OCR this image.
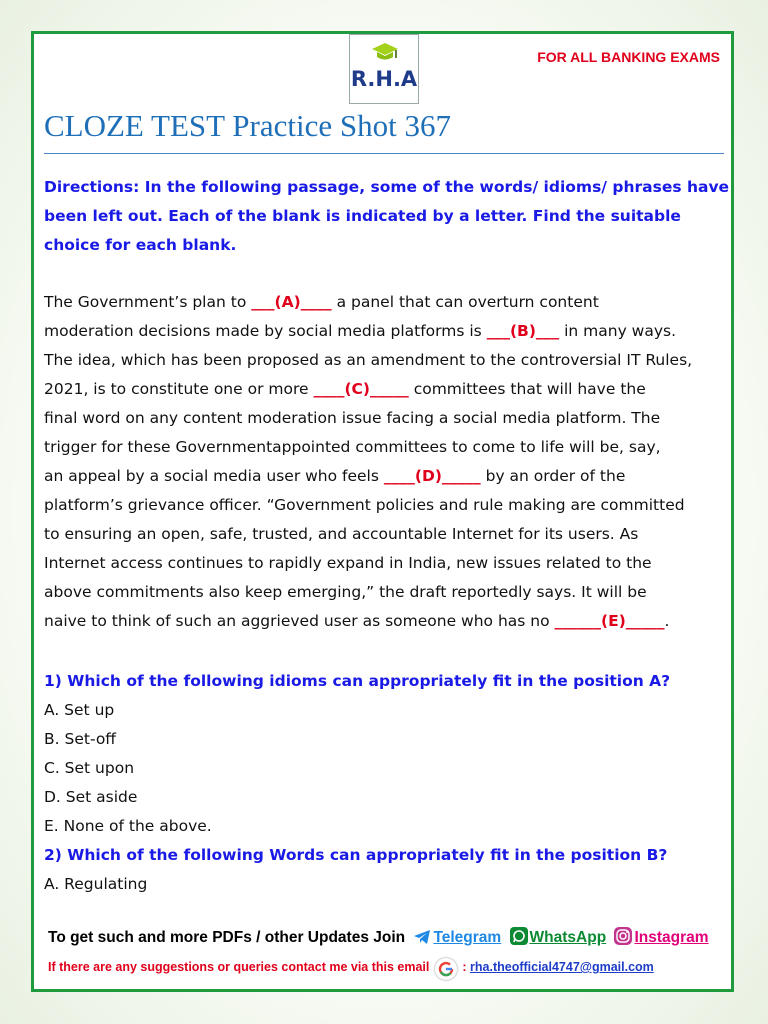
R.H.A
FOR ALL BANKING EXAMS
CLOZE TEST Practice Shot 367
Directions: In the following passage, some of the words/ idioms/ phrases have
been left out. Each of the blank is indicated by a letter. Find the suitable
choice for each blank.
The Government’s plan to ___(A)____ a panel that can overturn content
moderation decisions made by social media platforms is ___(B)___ in many ways.
The idea, which has been proposed as an amendment to the controversial IT Rules,
2021, is to constitute one or more ____(C)_____ committees that will have the
final word on any content moderation issue facing a social media platform. The
trigger for these Governmentappointed committees to come to life will be, say,
an appeal by a social media user who feels ____(D)_____ by an order of the
platform’s grievance officer. “Government policies and rule making are committed
to ensuring an open, safe, trusted, and accountable Internet for its users. As
Internet access continues to rapidly expand in India, new issues related to the
above commitments also keep emerging,” the draft reportedly says. It will be
naive to think of such an aggrieved user as someone who has no ______(E)_____.
1) Which of the following idioms can appropriately fit in the position A?
A. Set up
B. Set-off
C. Set upon
D. Set aside
E. None of the above.
2) Which of the following Words can appropriately fit in the position B?
A. Regulating
To get such and more PDFs / other Updates Join Telegram WhatsApp Instagram
If there are any suggestions or queries contact me via this email	: rha.theofficial4747@gmail.com
